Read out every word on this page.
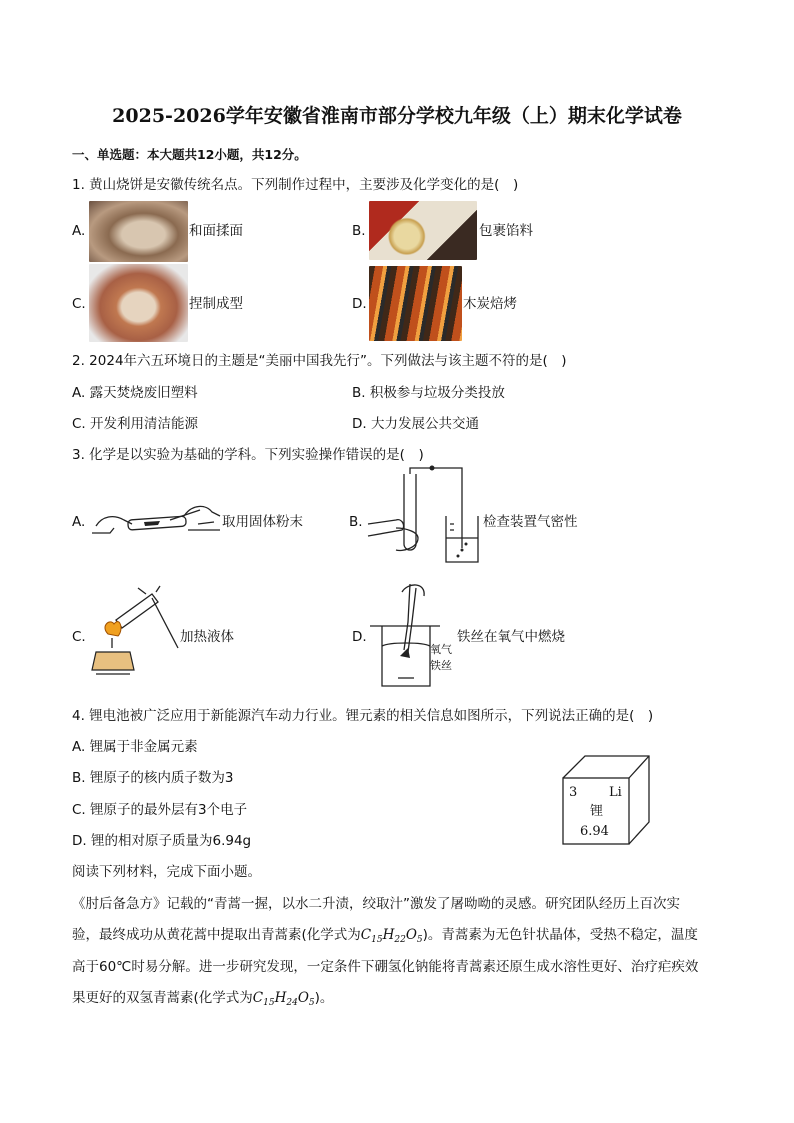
2025-2026学年安徽省淮南市部分学校九年级（上）期末化学试卷
一、单选题：本大题共12小题，共12分。
1. 黄山烧饼是安徽传统名点。下列制作过程中，主要涉及化学变化的是(　)
A.	和面揉面	B.	包裹馅料
C.	捏制成型	D.	木炭焙烤
2. 2024年六五环境日的主题是“美丽中国我先行”。下列做法与该主题不符的是(　)
A. 露天焚烧废旧塑料	B. 积极参与垃圾分类投放
C. 开发利用清洁能源	D. 大力发展公共交通
3. 化学是以实验为基础的学科。下列实验操作错误的是(　)
A.	取用固体粉末	B.	检查装置气密性
C.	加热液体	D.
氧气
铁丝
铁丝在氧气中燃烧
4. 锂电池被广泛应用于新能源汽车动力行业。锂元素的相关信息如图所示，下列说法正确的是(　)
A. 锂属于非金属元素
B. 锂原子的核内质子数为3
C. 锂原子的最外层有3个电子
D. 锂的相对原子质量为6.94g
3 Li
锂
6.94
阅读下列材料，完成下面小题。
《肘后备急方》记载的“青蒿一握，以水二升渍，绞取汁”激发了屠呦呦的灵感。研究团队经历上百次实
验，最终成功从黄花蒿中提取出青蒿素(化学式为$C_{15}H_{22}O_5$)。青蒿素为无色针状晶体，受热不稳定，温度
高于60℃时易分解。进一步研究发现，一定条件下硼氢化钠能将青蒿素还原生成水溶性更好、治疗疟疾效
果更好的双氢青蒿素(化学式为$C_{15}H_{24}O_5$)。
